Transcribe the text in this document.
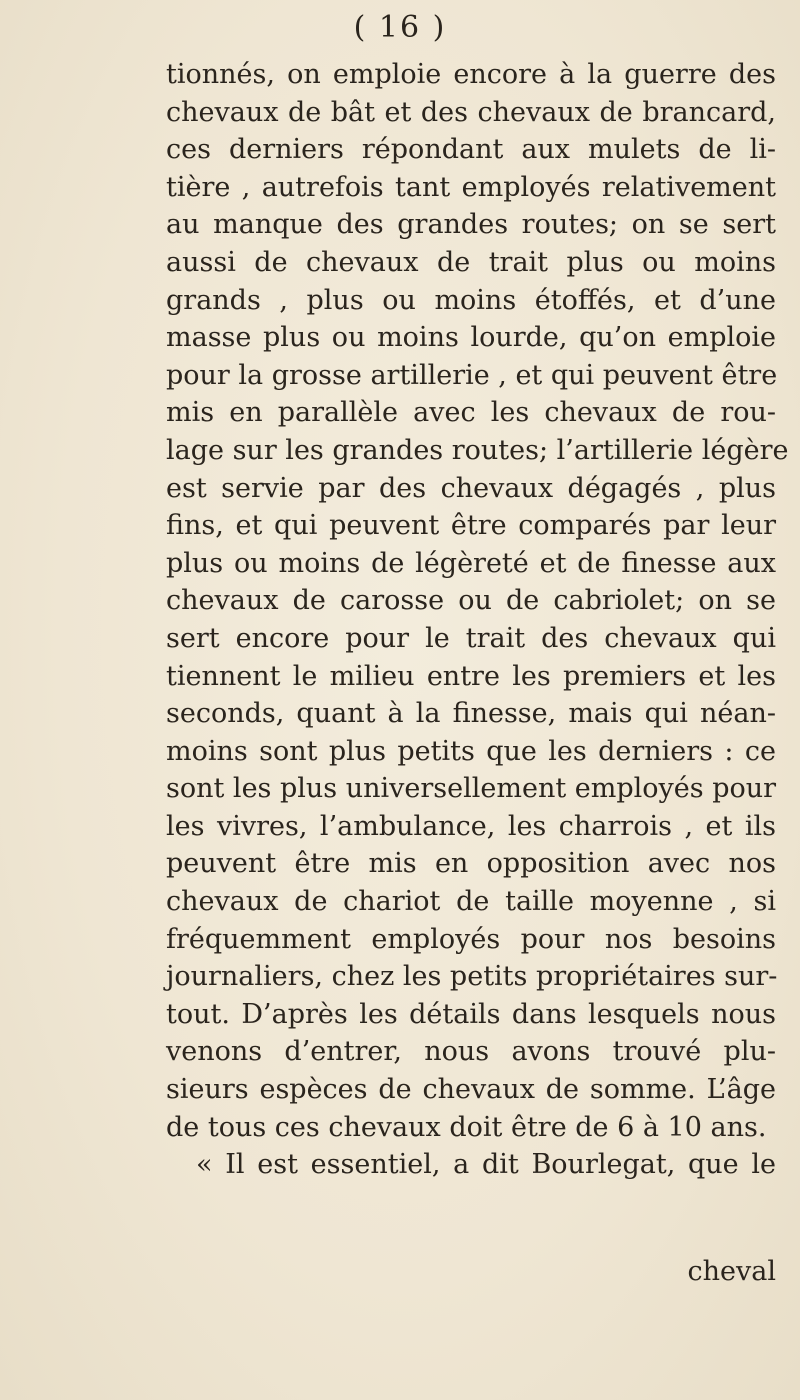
( 16 )
tionnés, on emploie encore à la guerre des
chevaux de bât et des chevaux de brancard,
ces derniers répondant aux mulets de li-
tière , autrefois tant employés relativement
au manque des grandes routes; on se sert
aussi de chevaux de trait plus ou moins
grands , plus ou moins étoffés, et d’une
masse plus ou moins lourde, qu’on emploie
pour la grosse artillerie , et qui peuvent être
mis en parallèle avec les chevaux de rou-
lage sur les grandes routes; l’artillerie légère
est servie par des chevaux dégagés , plus
fins, et qui peuvent être comparés par leur
plus ou moins de légèreté et de finesse aux
chevaux de carosse ou de cabriolet; on se
sert encore pour le trait des chevaux qui
tiennent le milieu entre les premiers et les
seconds, quant à la finesse, mais qui néan-
moins sont plus petits que les derniers : ce
sont les plus universellement employés pour
les vivres, l’ambulance, les charrois , et ils
peuvent être mis en opposition avec nos
chevaux de chariot de taille moyenne , si
fréquemment employés pour nos besoins
journaliers, chez les petits propriétaires sur-
tout. D’après les détails dans lesquels nous
venons d’entrer, nous avons trouvé plu-
sieurs espèces de chevaux de somme. L’âge
de tous ces chevaux doit être de 6 à 10 ans.
« Il est essentiel, a dit Bourlegat, que le
cheval
